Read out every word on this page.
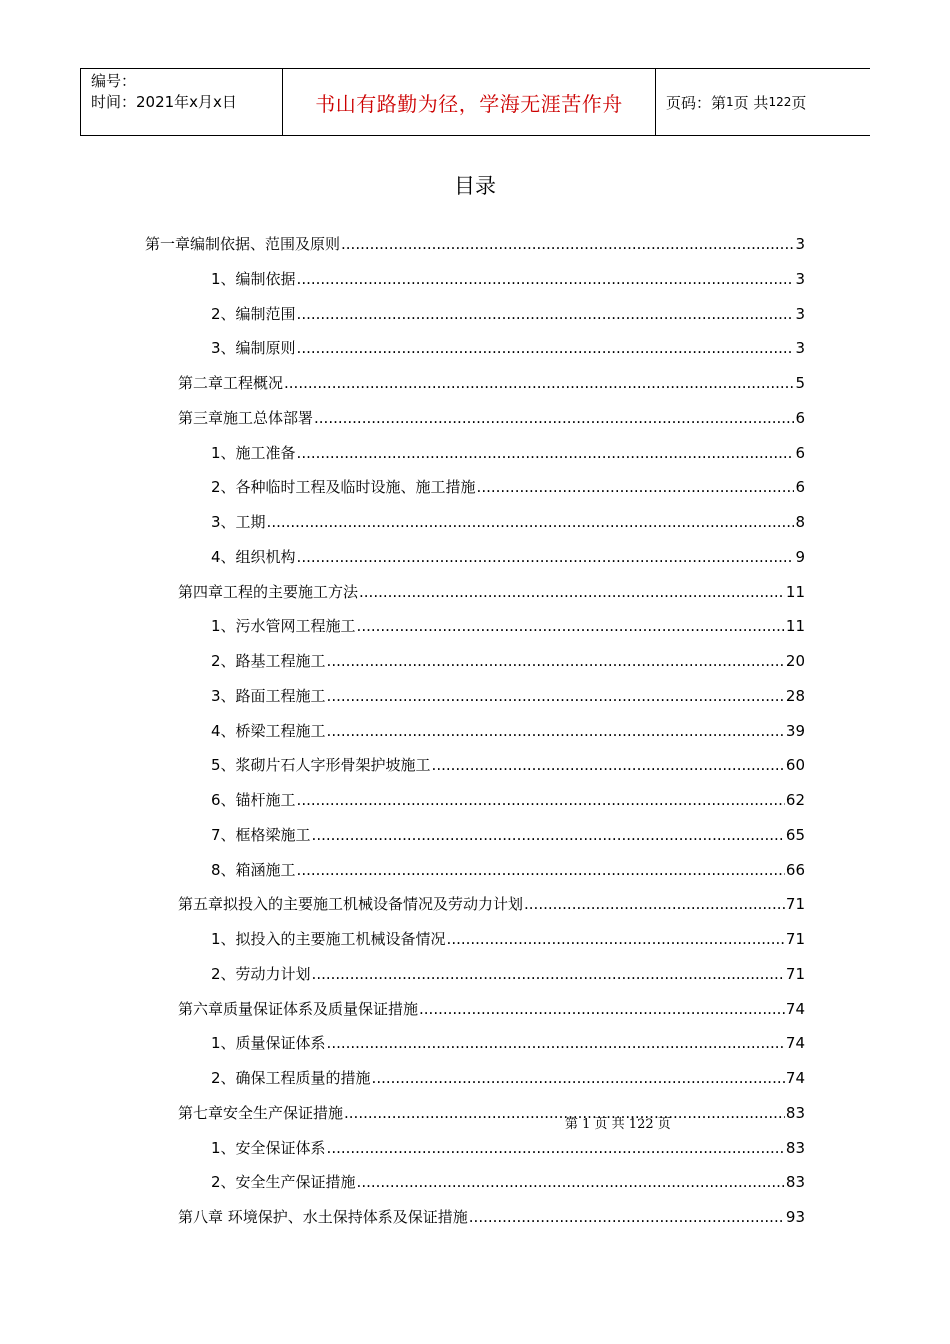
编号：
时间：2021年x月x日	书山有路勤为径，学海无涯苦作舟	页码：第 1 页 共 122 页
目录
第一章编制依据、范围及原则 .....	3
1、编制依据 .....	3
2、编制范围 .....	3
3、编制原则 .....	3
第二章工程概况 .....	5
第三章施工总体部署 .....	6
1、施工准备 .....	6
2、各种临时工程及临时设施、施工措施 .....	6
3、工期 .....	8
4、组织机构 .....	9
第四章工程的主要施工方法 .....	11
1、污水管网工程施工 .....	11
2、路基工程施工 .....	20
3、路面工程施工 .....	28
4、桥梁工程施工 .....	39
5、浆砌片石人字形骨架护坡施工 .....	60
6、锚杆施工 .....	62
7、框格梁施工 .....	65
8、箱涵施工 .....	66
第五章拟投入的主要施工机械设备情况及劳动力计划 .....	71
1、拟投入的主要施工机械设备情况 .....	71
2、劳动力计划 .....	71
第六章质量保证体系及质量保证措施 .....	74
1、质量保证体系 .....	74
2、确保工程质量的措施 .....	74
第七章安全生产保证措施 .....	83
1、安全保证体系 .....	83
2、安全生产保证措施 .....	83
第八章 环境保护、水土保持体系及保证措施 .....	93
第 1 页 共 122 页
